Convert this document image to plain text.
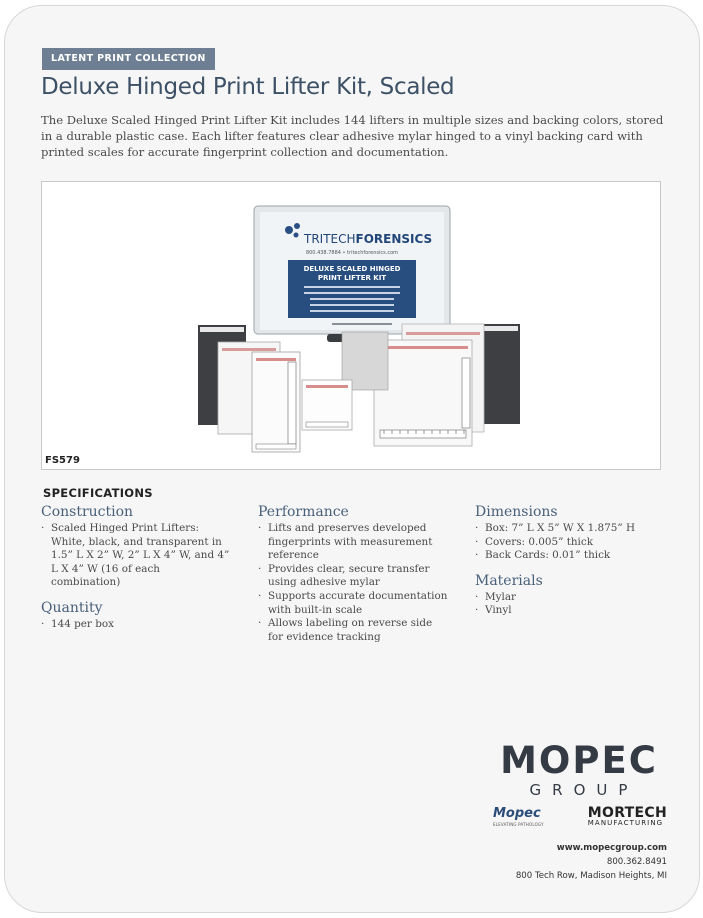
LATENT PRINT COLLECTION
Deluxe Hinged Print Lifter Kit, Scaled

The Deluxe Scaled Hinged Print Lifter Kit includes 144 lifters in multiple sizes and backing colors, stored in a durable plastic case. Each lifter features clear adhesive mylar hinged to a vinyl backing card with printed scales for accurate fingerprint collection and documentation.

TRITECHFORENSICS
800.438.7884 • tritechforensics.com
DELUXE SCALED HINGED
PRINT LIFTER KIT
FS579
SPECIFICATIONS
Construction
· Scaled Hinged Print Lifters: White, black, and transparent in 1.5” L X 2” W, 2” L X 4” W, and 4” L X 4” W (16 of each combination)
Quantity
· 144 per box
Performance
· Lifts and preserves developed fingerprints with measurement reference
· Provides clear, secure transfer using adhesive mylar
· Supports accurate documentation with built-in scale
· Allows labeling on reverse side for evidence tracking
Dimensions
· Box: 7” L X 5” W X 1.875” H
· Covers: 0.005” thick
· Back Cards: 0.01” thick
Materials
· Mylar
· Vinyl
MOPEC
GROUP
Mopec
ELEVATING PATHOLOGY
MORTECH
MANUFACTURING
www.mopecgroup.com
800.362.8491
800 Tech Row, Madison Heights, MI
